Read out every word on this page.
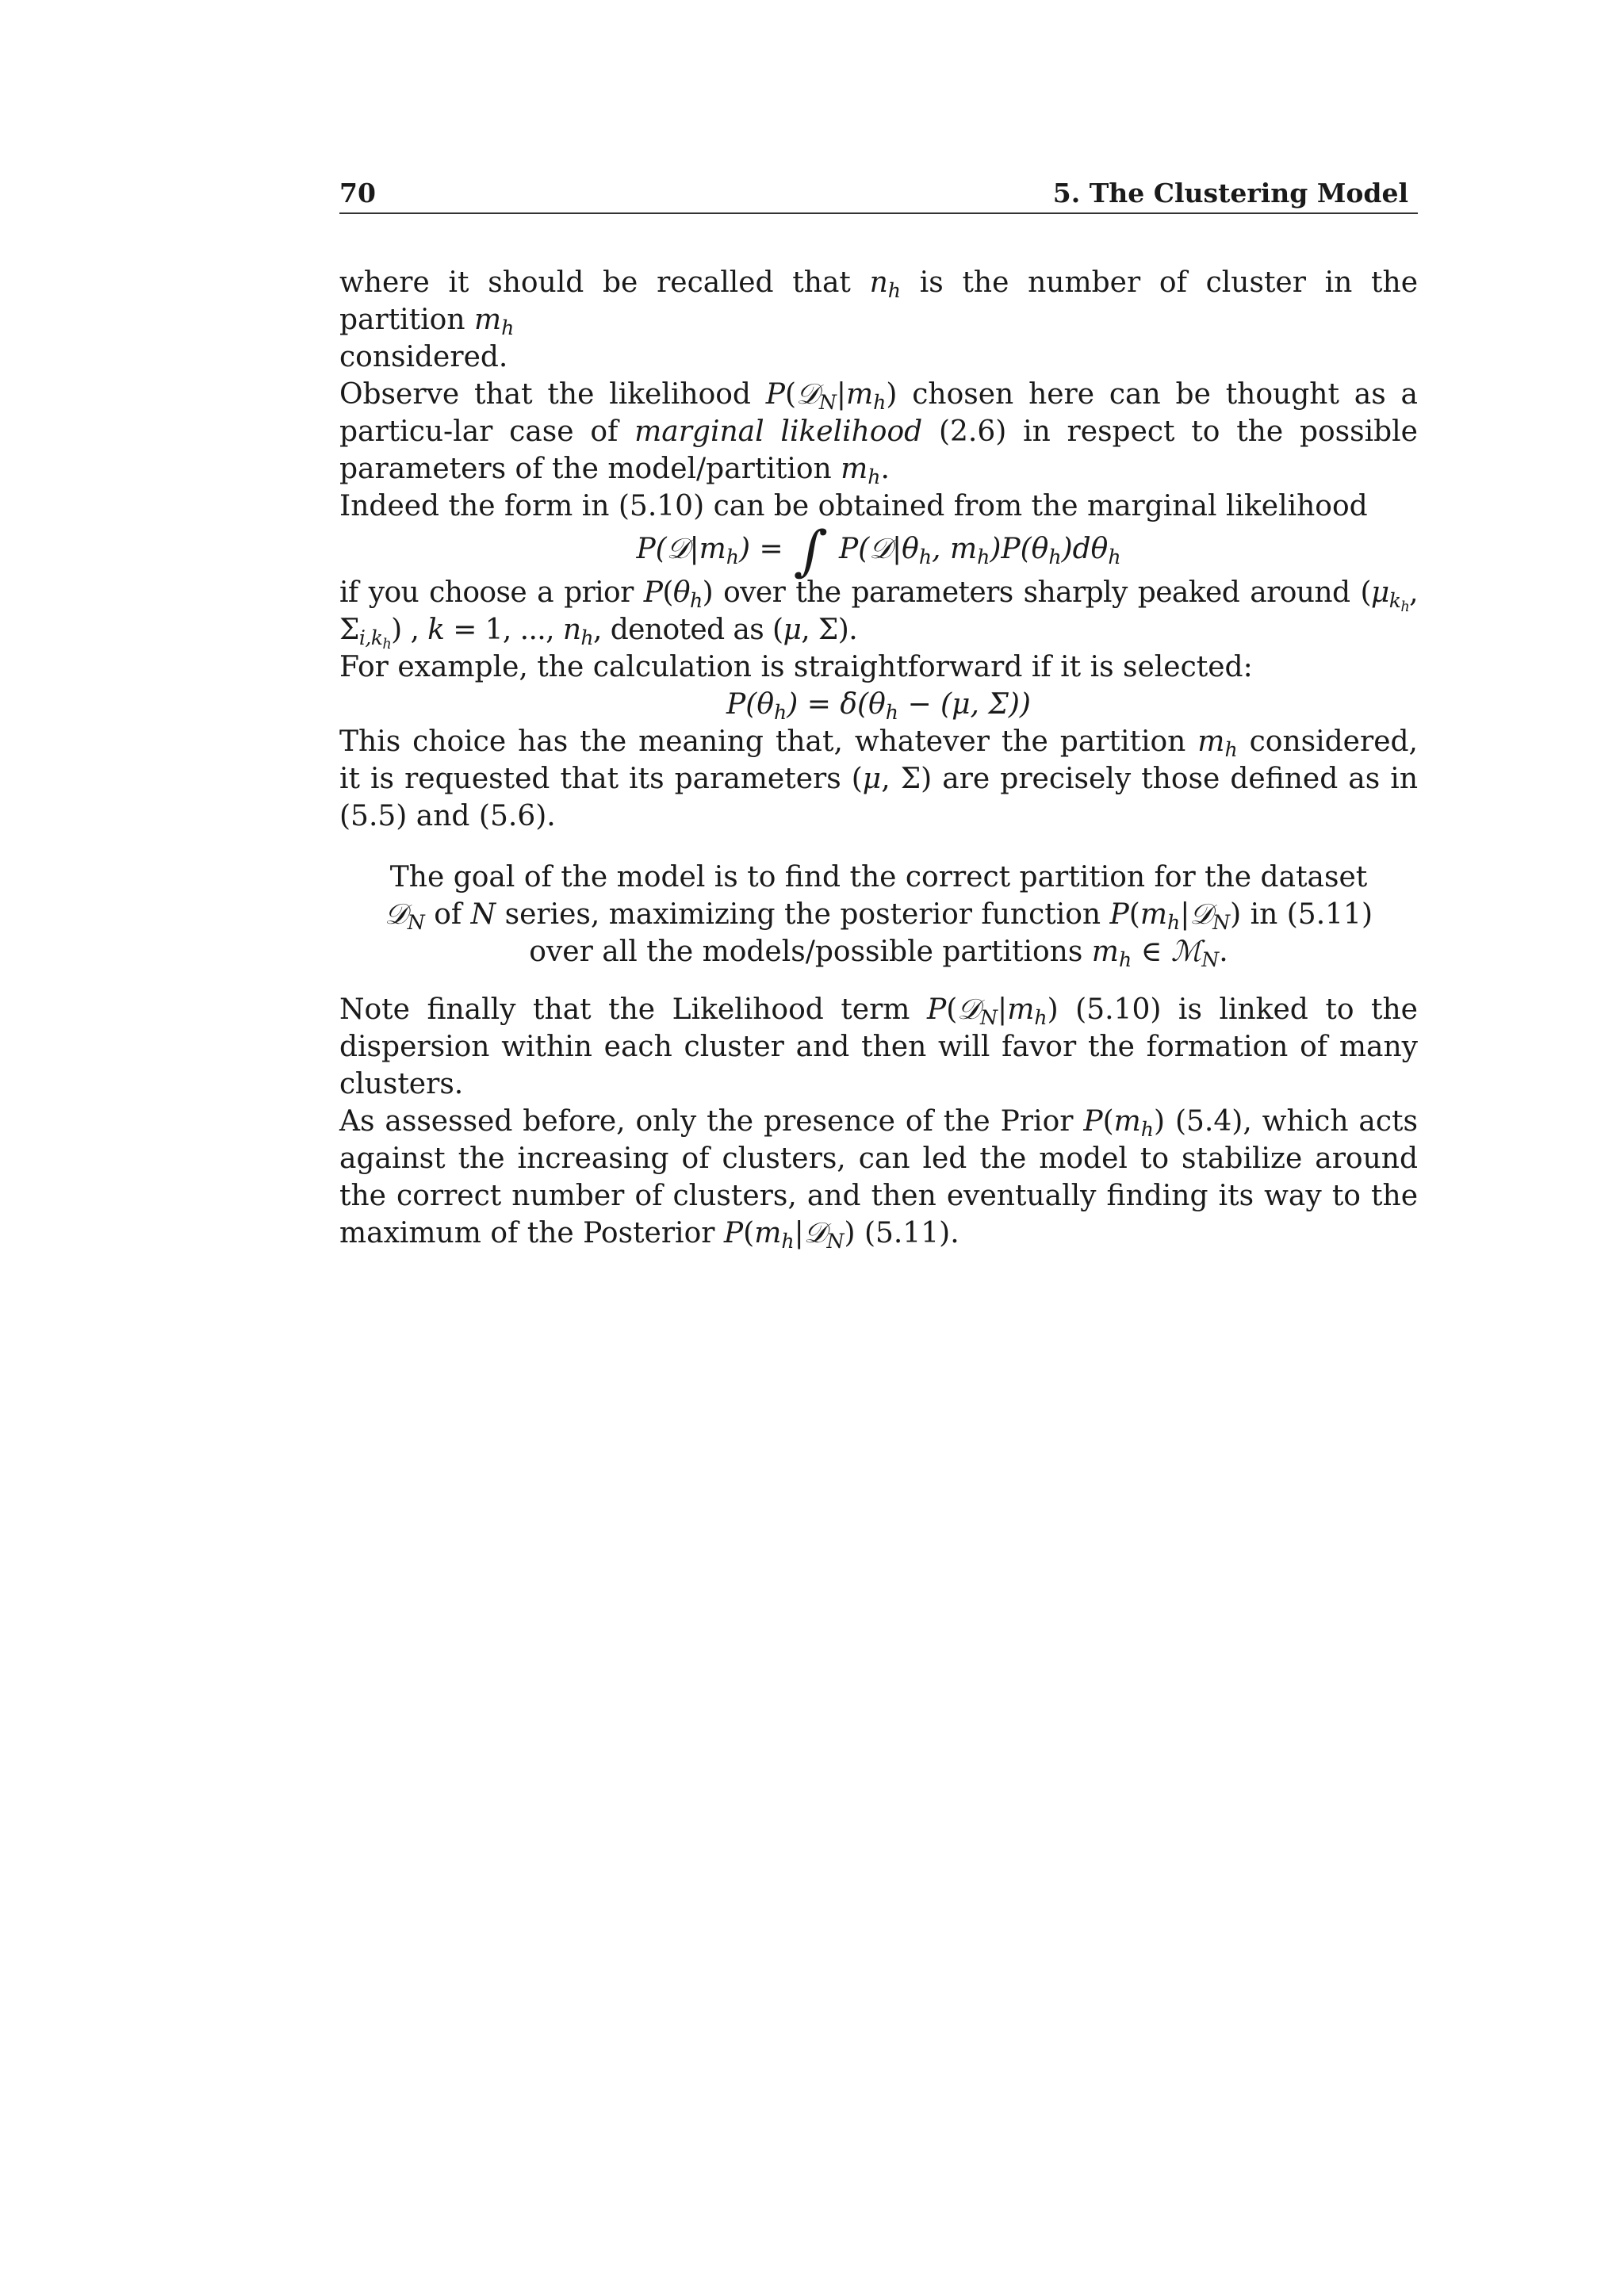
70	5. The Clustering Model

where it should be recalled that $n_h$ is the number of cluster in the partition $m_h$
considered.

Observe that the likelihood $P(𝒟_N|m_h)$ chosen here can be thought as a particu-lar case of marginal likelihood (2.6) in respect to the possible parameters of the model/partition $m_h$.

Indeed the form in (5.10) can be obtained from the marginal likelihood

$P(𝒟|m_h)$ = ∫ $P(𝒟|\theta_h$, $m_h)P(\theta_h)d\theta_h$

if you choose a prior $P(\theta_h)$ over the parameters sharply peaked around ($\mu_{k_h}$, $\Sigma_{i,k_h}$) , k = 1, ..., $n_h$, denoted as (μ, Σ).

For example, the calculation is straightforward if it is selected:

$P(\theta_h) = \delta(\theta_h - (\mu$, Σ))

This choice has the meaning that, whatever the partition $m_h$ considered, it is requested that its parameters (μ, Σ) are precisely those defined as in (5.5) and (5.6).

The goal of the model is to find the correct partition for the dataset
𝒟$_N$ of N series, maximizing the posterior function $P(m_h|𝒟_N)$ in (5.11)
over all the models/possible partitions $m_h$ ∈ ℳ$_N$.

Note finally that the Likelihood term $P(𝒟_N|m_h)$ (5.10) is linked to the dispersion within each cluster and then will favor the formation of many clusters.

As assessed before, only the presence of the Prior $P(m_h)$ (5.4), which acts against the increasing of clusters, can led the model to stabilize around the correct number of clusters, and then eventually finding its way to the maximum of the Posterior $P(m_h|𝒟_N)$ (5.11).
